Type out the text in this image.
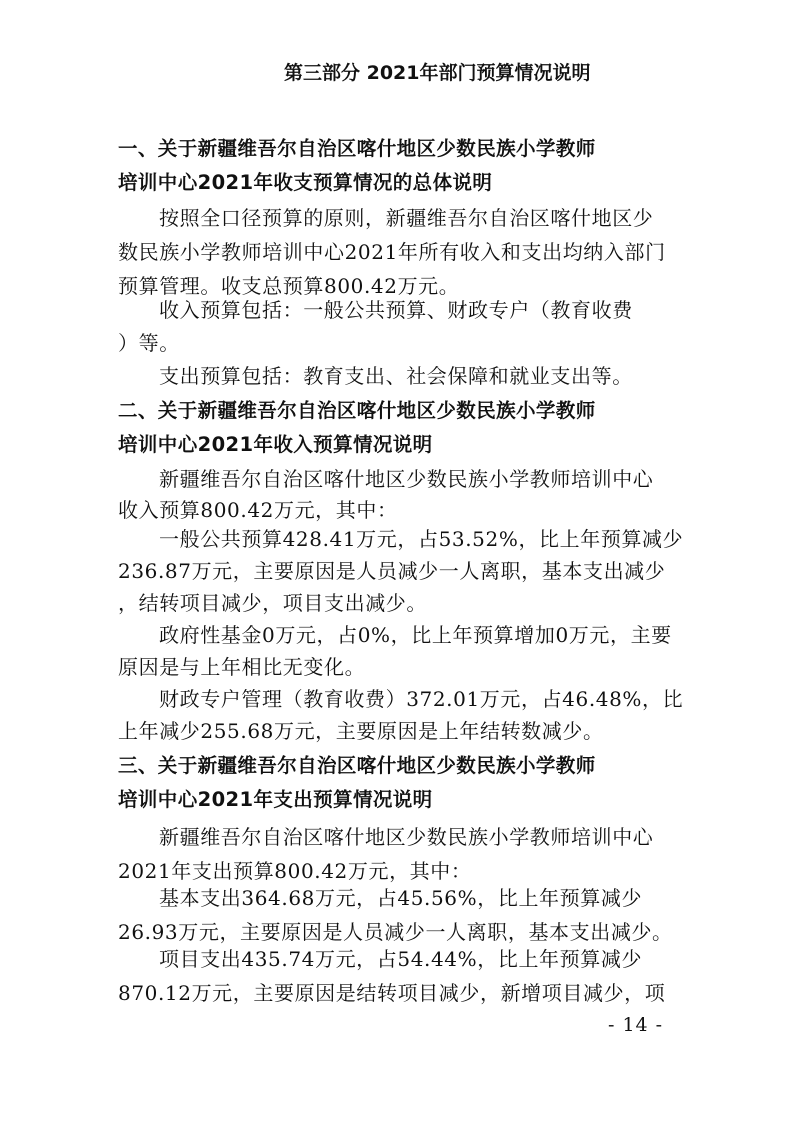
第三部分 2021年部门预算情况说明
一、关于新疆维吾尔自治区喀什地区少数民族小学教师
培训中心2021年收支预算情况的总体说明
按照全口径预算的原则，新疆维吾尔自治区喀什地区少
数民族小学教师培训中心2021年所有收入和支出均纳入部门
预算管理。收支总预算800.42万元。
收入预算包括：一般公共预算、财政专户（教育收费
）等。
支出预算包括：教育支出、社会保障和就业支出等。
二、关于新疆维吾尔自治区喀什地区少数民族小学教师
培训中心2021年收入预算情况说明
新疆维吾尔自治区喀什地区少数民族小学教师培训中心
收入预算800.42万元，其中：
一般公共预算428.41万元，占53.52%，比上年预算减少
236.87万元，主要原因是人员减少一人离职，基本支出减少
，结转项目减少，项目支出减少。
政府性基金0万元，占0%，比上年预算增加0万元，主要
原因是与上年相比无变化。
财政专户管理（教育收费）372.01万元，占46.48%，比
上年减少255.68万元，主要原因是上年结转数减少。
三、关于新疆维吾尔自治区喀什地区少数民族小学教师
培训中心2021年支出预算情况说明
新疆维吾尔自治区喀什地区少数民族小学教师培训中心
2021年支出预算800.42万元，其中：
基本支出364.68万元，占45.56%，比上年预算减少
26.93万元，主要原因是人员减少一人离职，基本支出减少。
项目支出435.74万元，占54.44%，比上年预算减少
870.12万元，主要原因是结转项目减少，新增项目减少，项
- 14 -
